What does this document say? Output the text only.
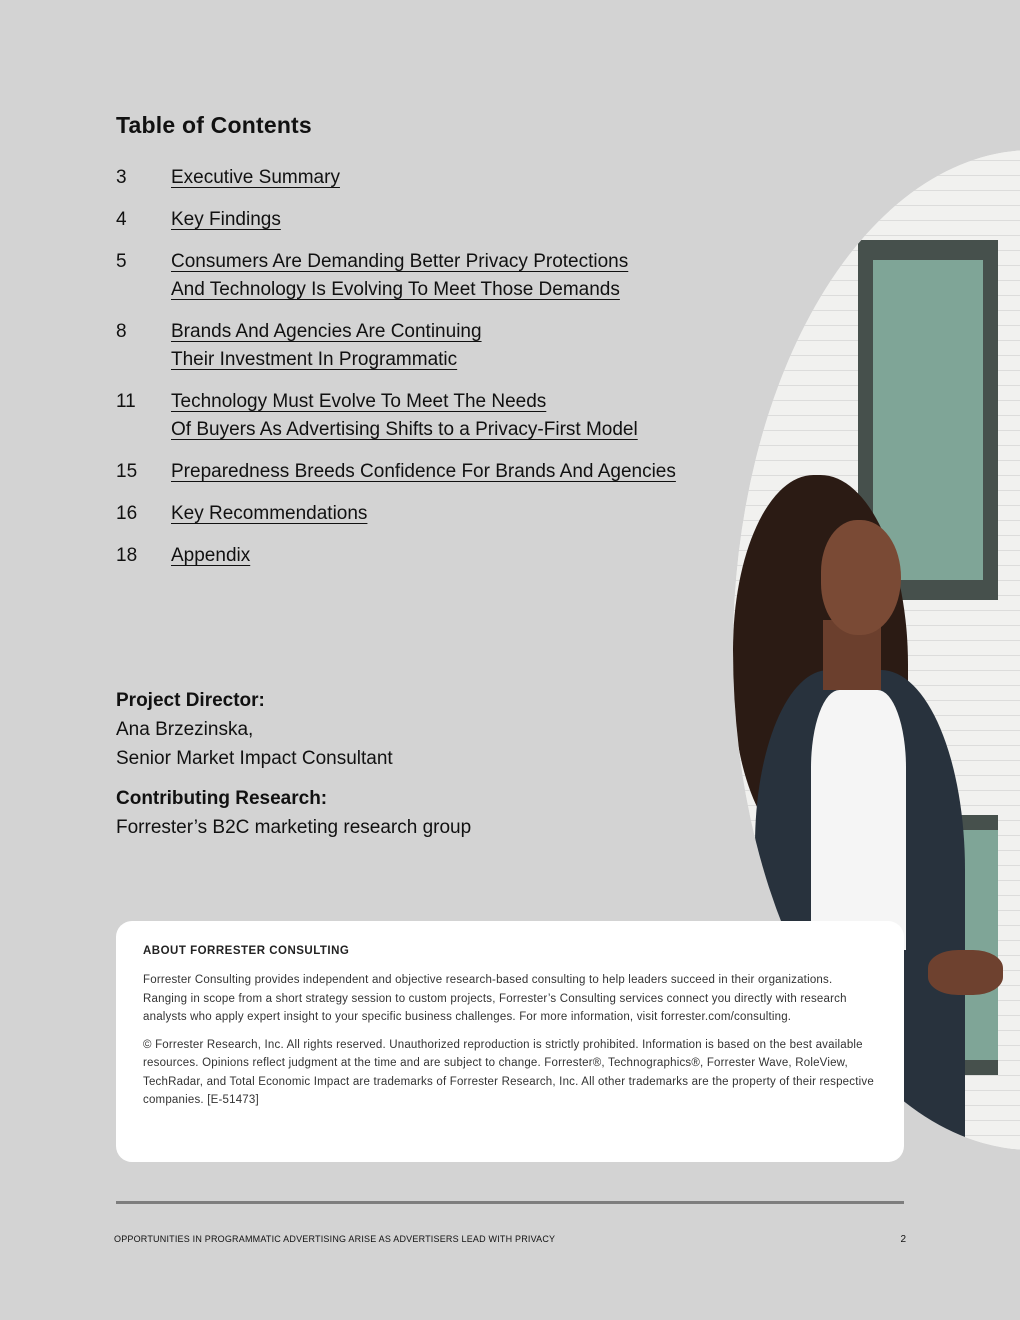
Table of Contents
3	Executive Summary
4	Key Findings
5	Consumers Are Demanding Better Privacy Protections
And Technology Is Evolving To Meet Those Demands
8	Brands And Agencies Are Continuing
Their Investment In Programmatic
11	Technology Must Evolve To Meet The Needs
Of Buyers As Advertising Shifts to a Privacy-First Model
15	Preparedness Breeds Confidence For Brands And Agencies
16	Key Recommendations
18	Appendix

Project Director:

Ana Brzezinska,

Senior Market Impact Consultant

Contributing Research:

Forrester’s B2C marketing research group

ABOUT FORRESTER CONSULTING

Forrester Consulting provides independent and objective research-based consulting to help leaders succeed in their organizations. Ranging in scope from a short strategy session to custom projects, Forrester’s Consulting services connect you directly with research analysts who apply expert insight to your specific business challenges. For more information, visit forrester.com/consulting.

© Forrester Research, Inc. All rights reserved. Unauthorized reproduction is strictly prohibited. Information is based on the best available resources. Opinions reflect judgment at the time and are subject to change. Forrester®, Technographics®, Forrester Wave, RoleView, TechRadar, and Total Economic Impact are trademarks of Forrester Research, Inc. All other trademarks are the property of their respective companies. [E-51473]

OPPORTUNITIES IN PROGRAMMATIC ADVERTISING ARISE AS ADVERTISERS LEAD WITH PRIVACY	2
